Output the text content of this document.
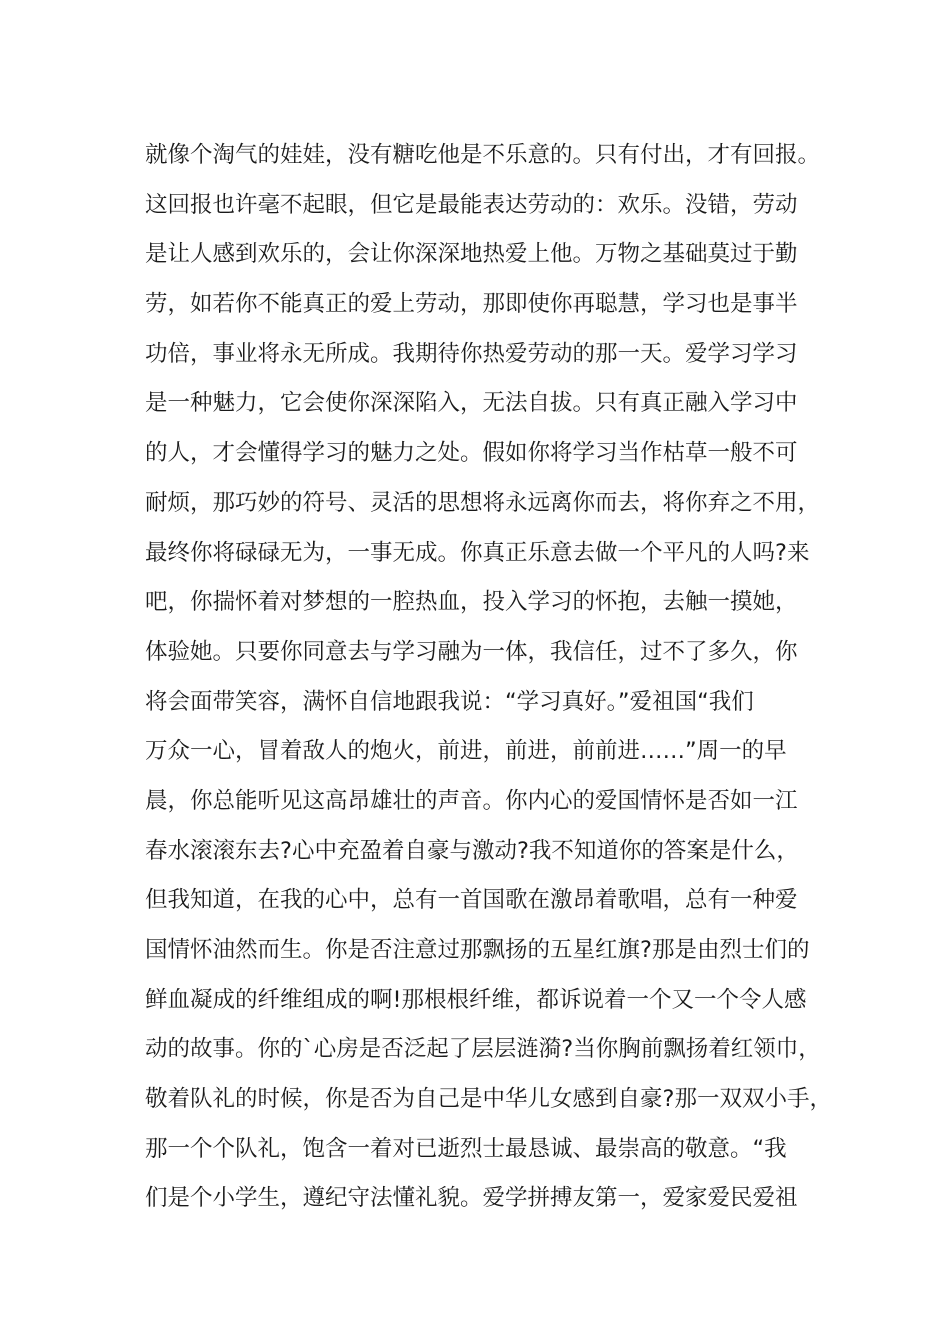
就像个淘气的娃娃，没有糖吃他是不乐意的。只有付出，才有回报。
这回报也许毫不起眼，但它是最能表达劳动的：欢乐。没错，劳动
是让人感到欢乐的，会让你深深地热爱上他。万物之基础莫过于勤
劳，如若你不能真正的爱上劳动，那即使你再聪慧，学习也是事半
功倍，事业将永无所成。我期待你热爱劳动的那一天。爱学习学习
是一种魅力，它会使你深深陷入，无法自拔。只有真正融入学习中
的人，才会懂得学习的魅力之处。假如你将学习当作枯草一般不可
耐烦，那巧妙的符号、灵活的思想将永远离你而去，将你弃之不用，
最终你将碌碌无为，一事无成。你真正乐意去做一个平凡的人吗?来
吧，你揣怀着对梦想的一腔热血，投入学习的怀抱，去触一摸她，
体验她。只要你同意去与学习融为一体，我信任，过不了多久，你
将会面带笑容，满怀自信地跟我说：“学习真好。”爱祖国“我们
万众一心，冒着敌人的炮火，前进，前进，前前进……”周一的早
晨，你总能听见这高昂雄壮的声音。你内心的爱国情怀是否如一江
春水滚滚东去?心中充盈着自豪与激动?我不知道你的答案是什么，
但我知道，在我的心中，总有一首国歌在激昂着歌唱，总有一种爱
国情怀油然而生。你是否注意过那飘扬的五星红旗?那是由烈士们的
鲜血凝成的纤维组成的啊!那根根纤维，都诉说着一个又一个令人感
动的故事。你的`心房是否泛起了层层涟漪?当你胸前飘扬着红领巾，
敬着队礼的时候，你是否为自己是中华儿女感到自豪?那一双双小手，
那一个个队礼，饱含一着对已逝烈士最恳诚、最崇高的敬意。“我
们是个小学生，遵纪守法懂礼貌。爱学拼搏友第一，爱家爱民爱祖
